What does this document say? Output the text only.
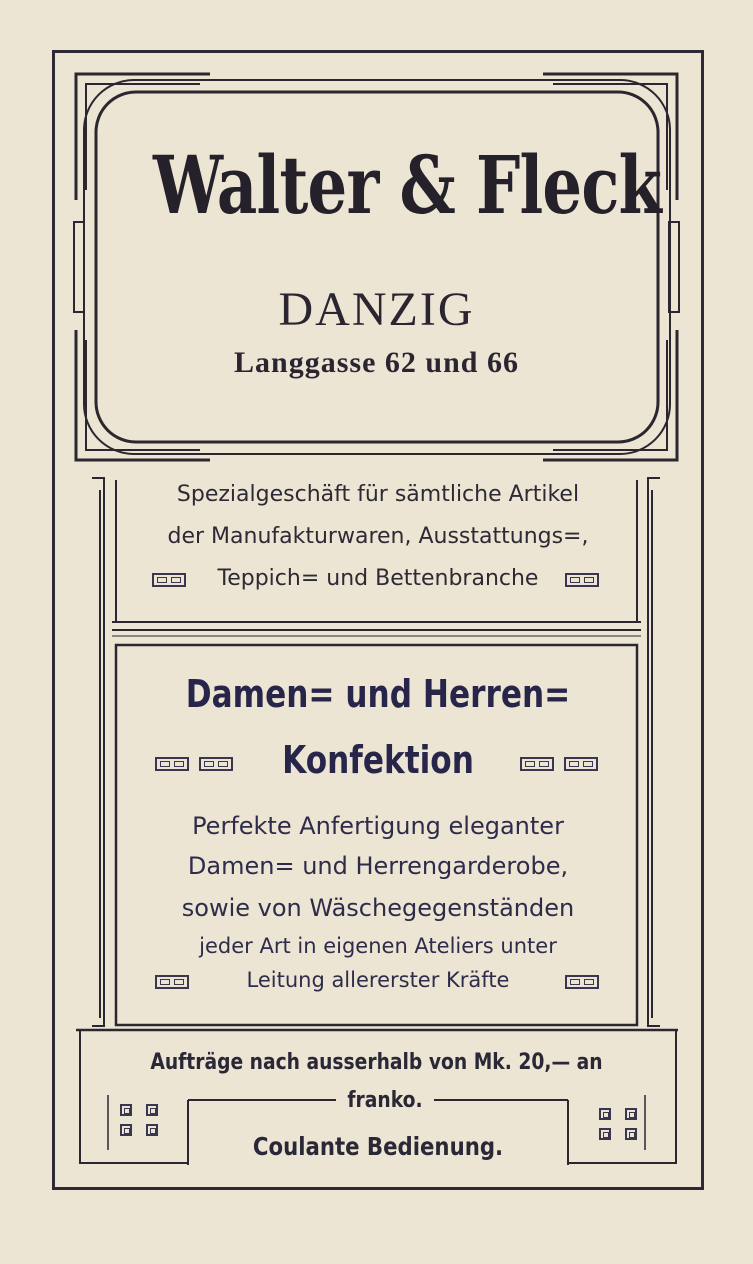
Walter & Fleck
DANZIG
Langgasse 62 und 66
Spezialgeschäft für sämtliche Artikel
der Manufakturwaren, Ausstattungs=,
Teppich= und Bettenbranche
Damen= und Herren=
Konfektion
Perfekte Anfertigung eleganter
Damen= und Herrengarderobe,
sowie von Wäschegegenständen
jeder Art in eigenen Ateliers unter
Leitung allererster Kräfte
Aufträge nach ausserhalb von Mk. 20,— an
franko.
Coulante Bedienung.
